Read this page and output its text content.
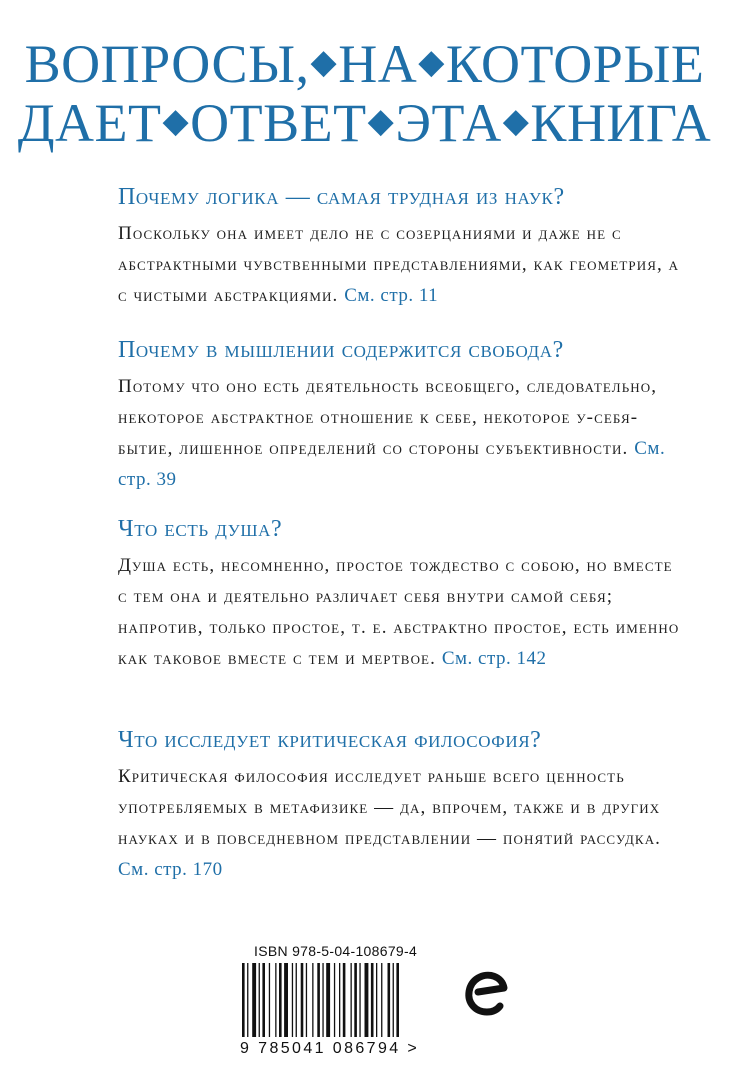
ВОПРОСЫ,◆НА◆КОТОРЫЕ
ДАЕТ◆ОТВЕТ◆ЭТА◆КНИГА
Почему логика — самая трудная из наук?

Поскольку она имеет дело не с созерцаниями и даже не с абстрактными чувственными представлениями, как геометрия, а с чистыми абстракциями. См. стр. 11

Почему в мышлении содержится свобода?

Потому что оно есть деятельность всеобщего, следовательно, некоторое абстрактное отношение к себе, некоторое у-себя-бытие, лишенное определений со стороны субъективности. См. стр. 39

Что есть душа?

Душа есть, несомненно, простое тождество с собою, но вместе с тем она и деятельно различает себя внутри самой себя; напротив, только простое, т. е. абстрактно простое, есть именно как таковое вместе с тем и мертвое. См. стр. 142

Что исследует критическая философия?

Критическая философия исследует раньше всего ценность употребляемых в метафизике — да, впрочем, также и в других науках и в повседневном представлении — понятий рассудка. См. стр. 170

ISBN 978-5-04-108679-4
9 785041 086794 >
